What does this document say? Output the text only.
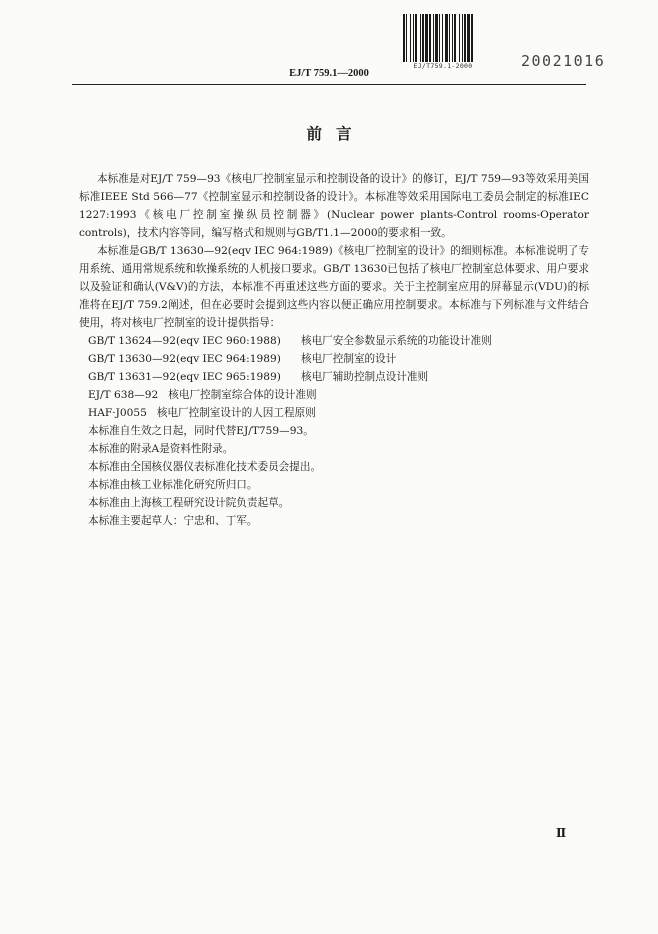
EJ/T759.1-2000	20021016
EJ/T 759.1—2000
前言

本标准是对EJ/T 759—93《核电厂控制室显示和控制设备的设计》的修订，EJ/T 759—93等效采用美国标准IEEE Std 566—77《控制室显示和控制设备的设计》。本标准等效采用国际电工委员会制定的标准IEC 1227:1993《核电厂控制室操纵员控制器》(Nuclear power plants-Control rooms-Operator controls)，技术内容等同，编写格式和规则与GB/T1.1—2000的要求相一致。

本标准是GB/T 13630—92(eqv IEC 964:1989)《核电厂控制室的设计》的细则标准。本标准说明了专用系统、通用常规系统和软操系统的人机接口要求。GB/T 13630已包括了核电厂控制室总体要求、用户要求以及验证和确认(V&V)的方法，本标准不再重述这些方面的要求。关于主控制室应用的屏幕显示(VDU)的标准将在EJ/T 759.2阐述，但在必要时会提到这些内容以便正确应用控制要求。本标准与下列标准与文件结合使用，将对核电厂控制室的设计提供指导：

GB/T 13624—92(eqv IEC 960:1988) 核电厂安全参数显示系统的功能设计准则
GB/T 13630—92(eqv IEC 964:1989) 核电厂控制室的设计
GB/T 13631—92(eqv IEC 965:1989) 核电厂辅助控制点设计准则
EJ/T 638—92 核电厂控制室综合体的设计准则
HAF·J0055 核电厂控制室设计的人因工程原则

本标准自生效之日起，同时代替EJ/T759—93。

本标准的附录A是资料性附录。

本标准由全国核仪器仪表标准化技术委员会提出。

本标准由核工业标准化研究所归口。

本标准由上海核工程研究设计院负责起草。

本标准主要起草人：宁忠和、丁军。

Ⅱ
